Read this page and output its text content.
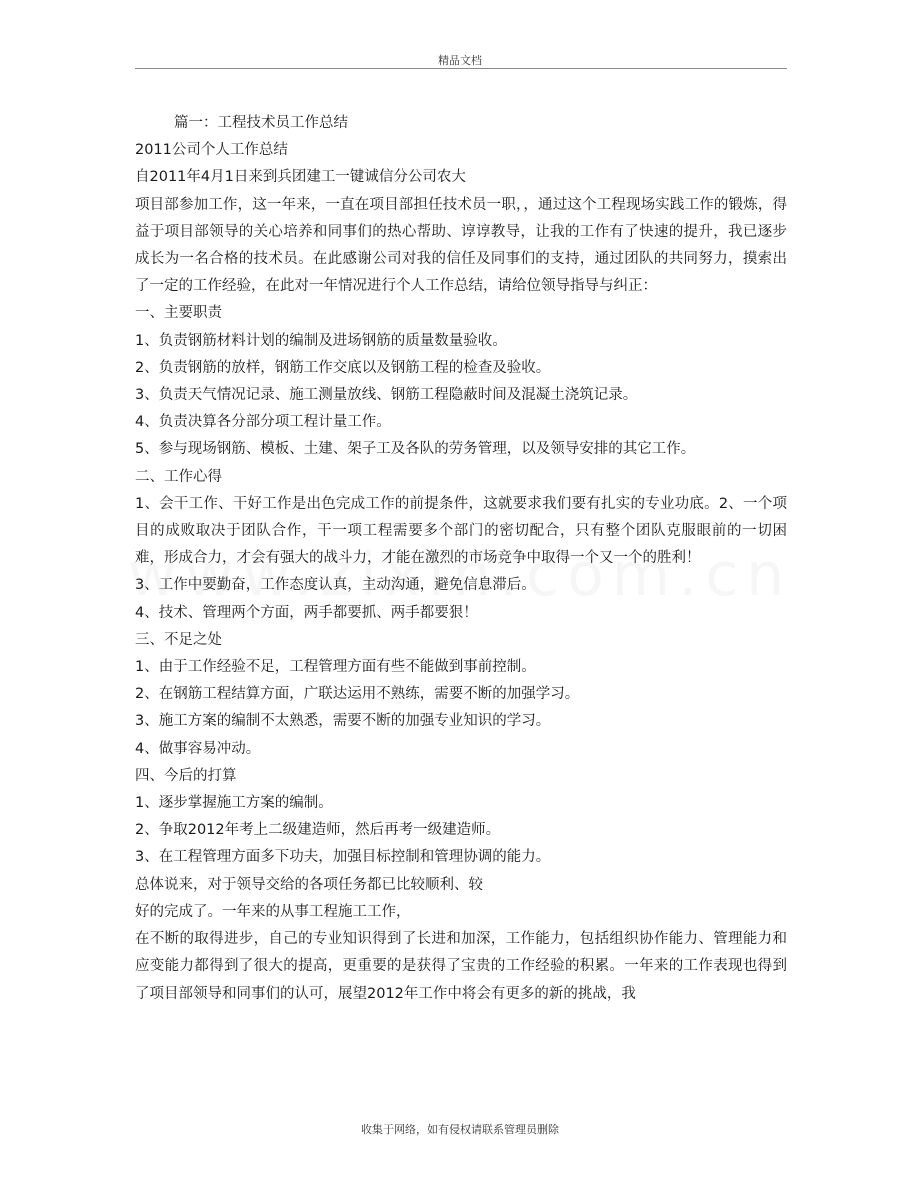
精品文档

篇一：工程技术员工作总结

2011公司个人工作总结

自2011年4月1日来到兵团建工一键诚信分公司农大

项目部参加工作，这一年来，一直在项目部担任技术员一职，，通过这个工程现场实践工作的锻炼，得益于项目部领导的关心培养和同事们的热心帮助、谆谆教导，让我的工作有了快速的提升，我已逐步成长为一名合格的技术员。在此感谢公司对我的信任及同事们的支持，通过团队的共同努力，摸索出了一定的工作经验，在此对一年情况进行个人工作总结，请给位领导指导与纠正：

一、主要职责

1、负责钢筋材料计划的编制及进场钢筋的质量数量验收。

2、负责钢筋的放样，钢筋工作交底以及钢筋工程的检查及验收。

3、负责天气情况记录、施工测量放线、钢筋工程隐蔽时间及混凝土浇筑记录。

4、负责决算各分部分项工程计量工作。

5、参与现场钢筋、模板、土建、架子工及各队的劳务管理，以及领导安排的其它工作。

二、工作心得

1、会干工作、干好工作是出色完成工作的前提条件，这就要求我们要有扎实的专业功底。2、一个项目的成败取决于团队合作，干一项工程需要多个部门的密切配合，只有整个团队克服眼前的一切困难，形成合力，才会有强大的战斗力，才能在激烈的市场竞争中取得一个又一个的胜利！

3、工作中要勤奋，工作态度认真，主动沟通，避免信息滞后。

4、技术、管理两个方面，两手都要抓、两手都要狠！

三、不足之处

1、由于工作经验不足，工程管理方面有些不能做到事前控制。

2、在钢筋工程结算方面，广联达运用不熟练，需要不断的加强学习。

3、施工方案的编制不太熟悉，需要不断的加强专业知识的学习。

4、做事容易冲动。

四、今后的打算

1、逐步掌握施工方案的编制。

2、争取2012年考上二级建造师，然后再考一级建造师。

3、在工程管理方面多下功夫，加强目标控制和管理协调的能力。

总体说来，对于领导交给的各项任务都已比较顺利、较

好的完成了。一年来的从事工程施工工作，

在不断的取得进步，自己的专业知识得到了长进和加深，工作能力，包括组织协作能力、管理能力和应变能力都得到了很大的提高，更重要的是获得了宝贵的工作经验的积累。一年来的工作表现也得到了项目部领导和同事们的认可，展望2012年工作中将会有更多的新的挑战，我

收集于网络，如有侵权请联系管理员删除
